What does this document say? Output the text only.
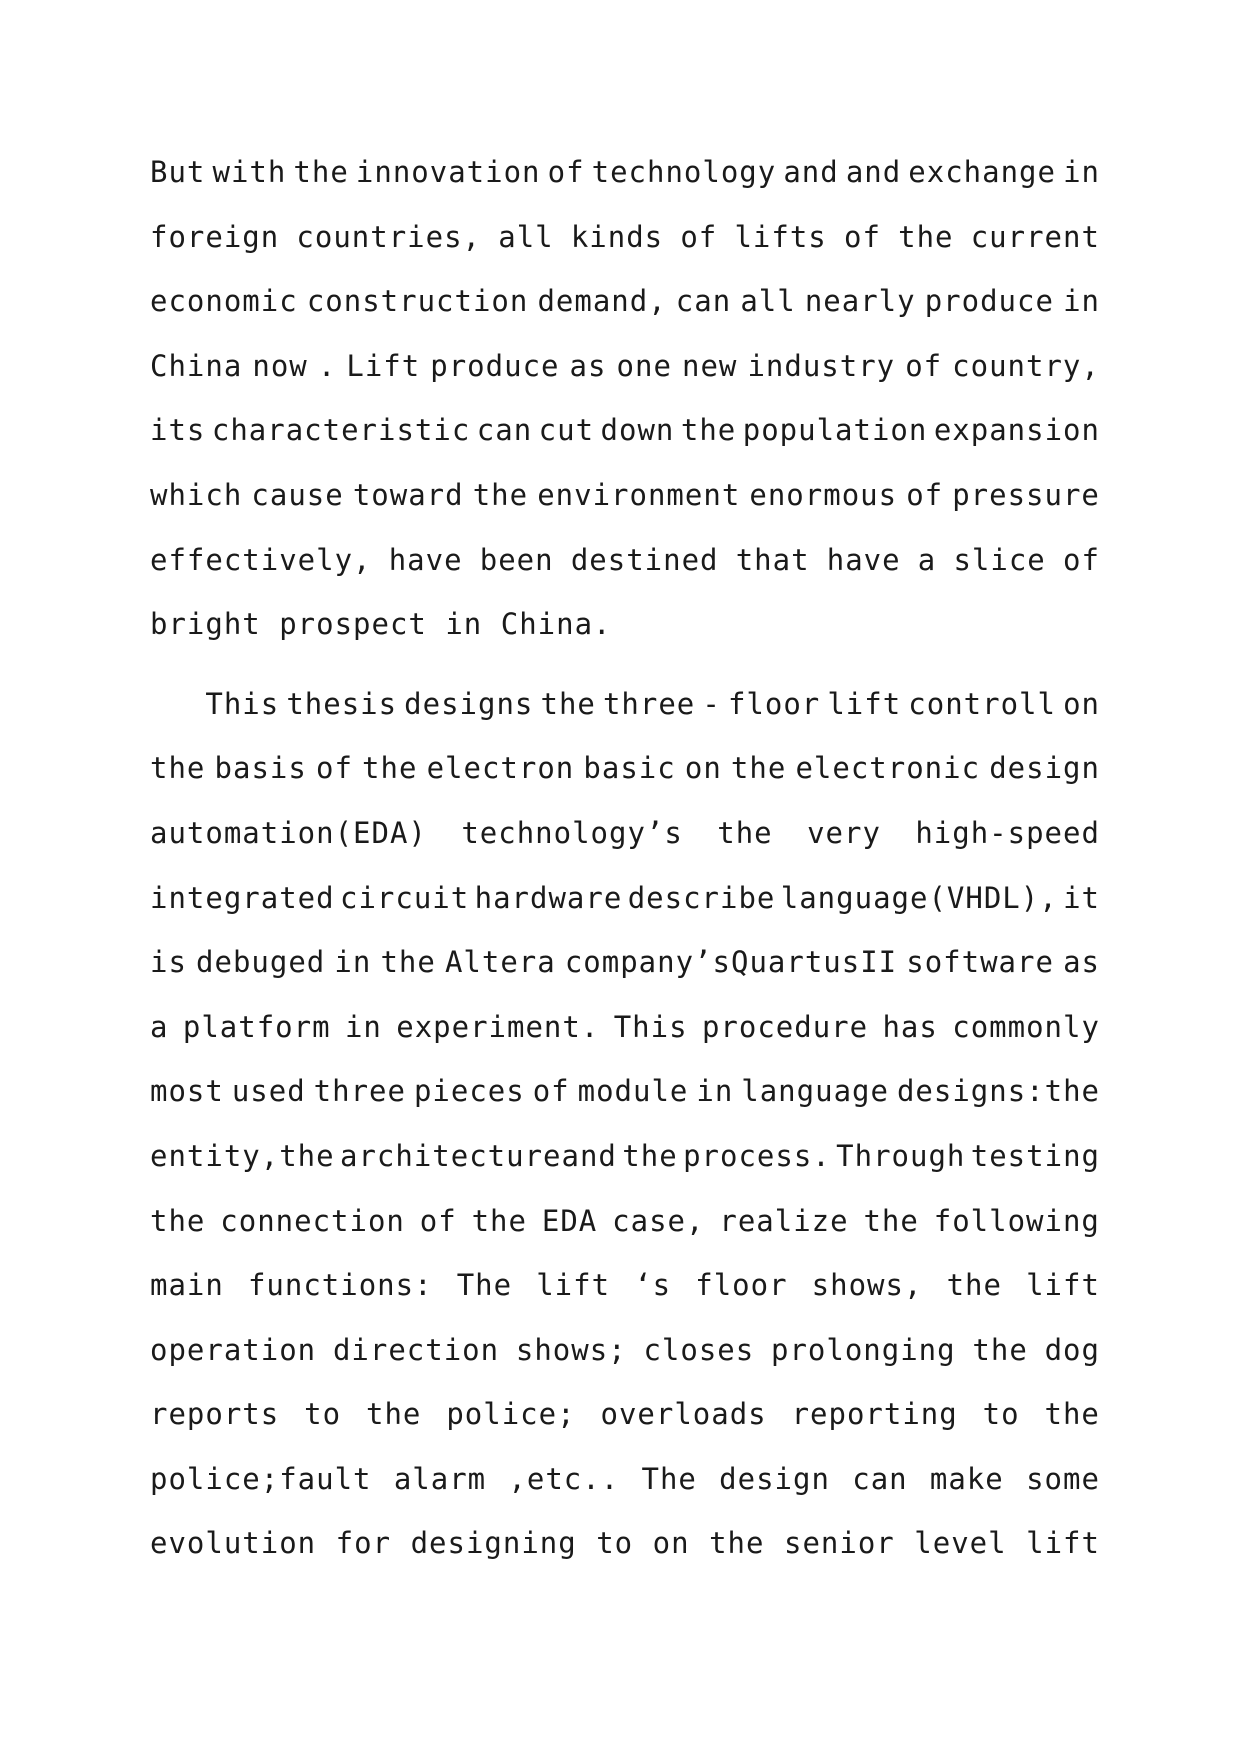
But with the innovation of technology and and exchange in
foreign countries, all kinds of lifts of the current
economic construction demand, can all nearly produce in
China now . Lift produce as one new industry of country,
its characteristic can cut down the population expansion
which cause toward the environment enormous of pressure
effectively, have been destined that have a slice of
bright prospect in China.
This thesis designs the three - floor lift controll on
the basis of the electron basic on the electronic design
automation(EDA) technology’s the very high-speed
integrated circuit hardware describe language(VHDL), it
is debuged in the Altera company’sQuartusII software as
a platform in experiment. This procedure has commonly
most used three pieces of module in language designs:the
entity,the architectureand the process. Through testing
the connection of the EDA case, realize the following
main functions: The lift ‘s floor shows, the lift
operation direction shows; closes prolonging the dog
reports to the police; overloads reporting to the
police;fault alarm ,etc.. The design can make some
evolution for designing to on the senior level lift
